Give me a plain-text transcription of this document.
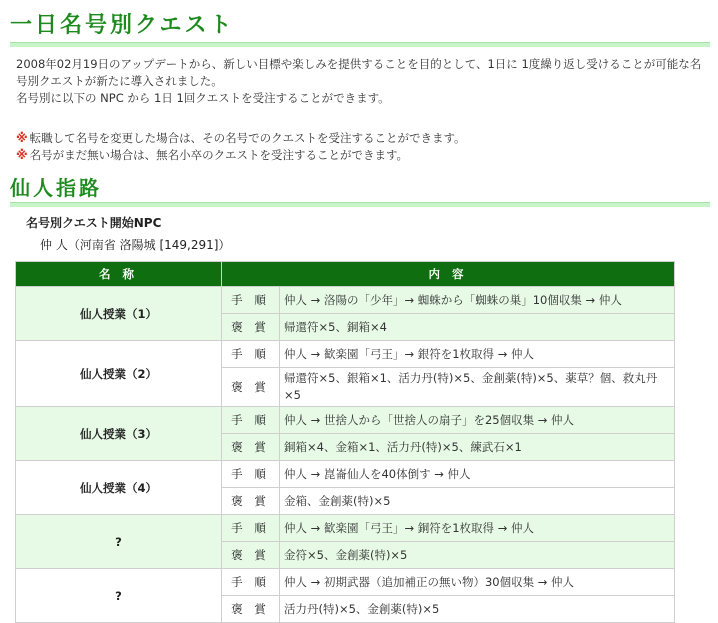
一日名号別クエスト

2008年02月19日のアップデートから、新しい目標や楽しみを提供することを目的として、1日に 1度繰り返し受けることが可能な名号別クエストが新たに導入されました。

名号別に以下の NPC から 1日 1回クエストを受注することができます。

※ 転職して名号を変更した場合は、その名号でのクエストを受注することができます。
※ 名号がまだ無い場合は、無名小卒のクエストを受注することができます。
仙人指路
名号別クエスト開始NPC
仲 人（河南省 洛陽城 [149,291]）
名 称	内 容	
仙人授業（1）	手 順	仲人 → 洛陽の「少年」→ 蜘蛛から「蜘蛛の巣」10個収集 → 仲人
	褒 賞	帰還符×5、銅箱×4
仙人授業（2）	手 順	仲人 → 歓楽園「弓王」→ 銀符を1枚取得 → 仲人
	褒 賞	帰還符×5、銀箱×1、活力丹(特)×5、金創薬(特)×5、薬草？個、救丸丹×5
仙人授業（3）	手 順	仲人 → 世捨人から「世捨人の扇子」を25個収集 → 仲人
	褒 賞	銅箱×4、金箱×1、活力丹(特)×5、練武石×1
仙人授業（4）	手 順	仲人 → 崑崙仙人を40体倒す → 仲人
	褒 賞	金箱、金創薬(特)×5
?	手 順	仲人 → 歓楽園「弓王」→ 銅符を1枚取得 → 仲人
	褒 賞	金符×5、金創薬(特)×5
?	手 順	仲人 → 初期武器（追加補正の無い物）30個収集 → 仲人
	褒 賞	活力丹(特)×5、金創薬(特)×5
